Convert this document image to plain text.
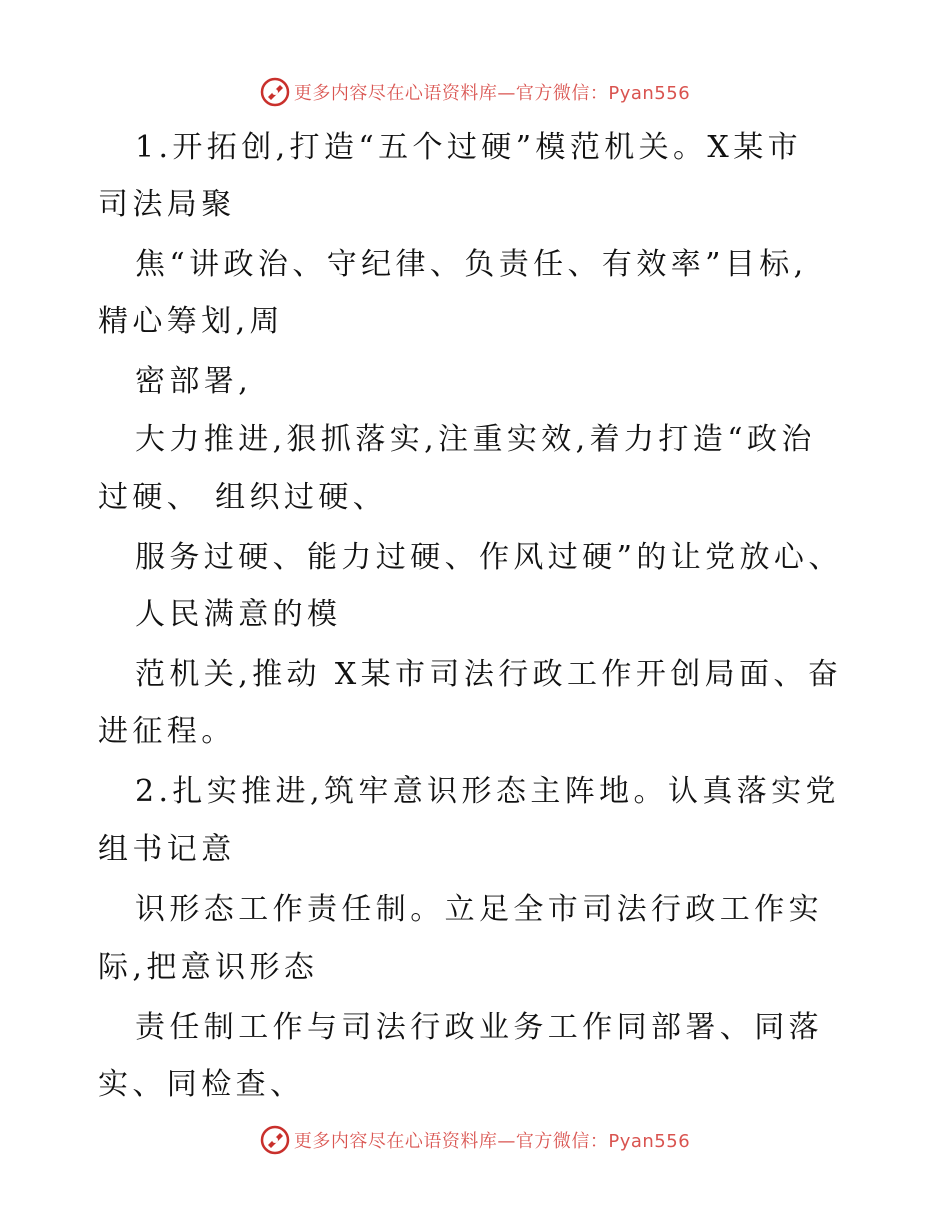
更多内容尽在心语资料库—官方微信：Pyan556
1.开拓创,打造“五个过硬”模范机关。X某市
司法局聚
焦“讲政治、守纪律、负责任、有效率”目标,
精心筹划,周
密部署,
大力推进,狠抓落实,注重实效,着力打造“政治
过硬、 组织过硬、
服务过硬、能力过硬、作风过硬”的让党放心、
人民满意的模
范机关,推动 X某市司法行政工作开创局面、奋
进征程。
2.扎实推进,筑牢意识形态主阵地。认真落实党
组书记意
识形态工作责任制。立足全市司法行政工作实
际,把意识形态
责任制工作与司法行政业务工作同部署、同落
实、同检查、
更多内容尽在心语资料库—官方微信：Pyan556
